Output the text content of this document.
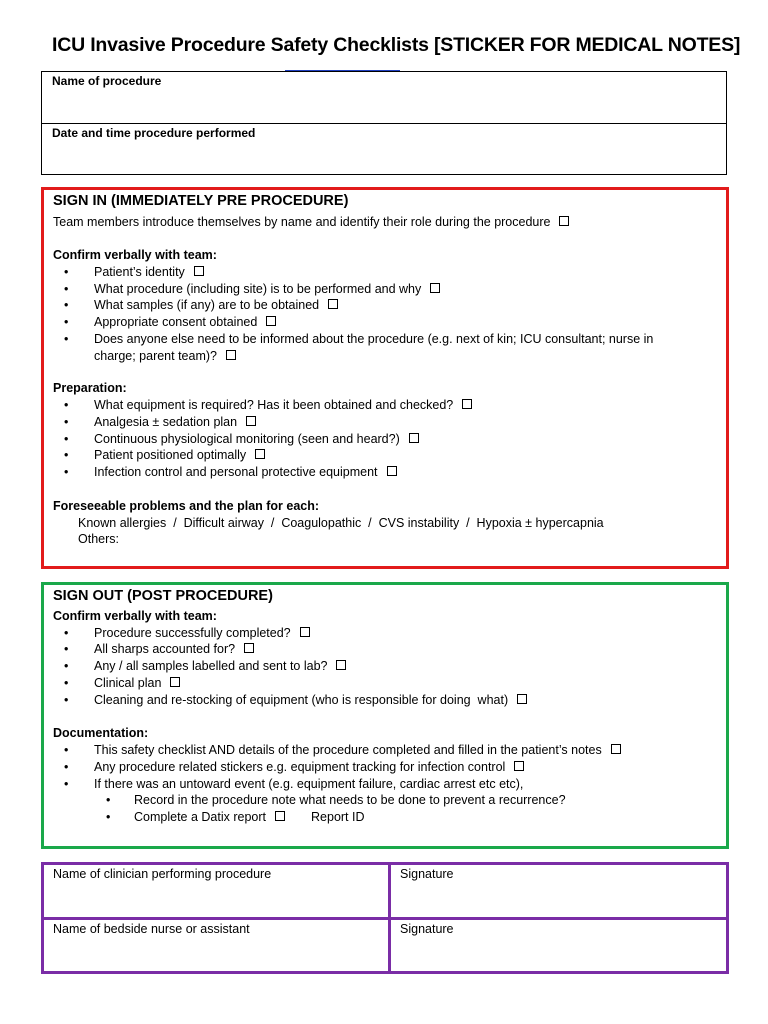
ICU Invasive Procedure Safety Checklists [STICKER FOR MEDICAL NOTES]
Name of procedure
Date and time procedure performed
SIGN IN (IMMEDIATELY PRE PROCEDURE)
Team members introduce themselves by name and identify their role during the procedure
Confirm verbally with team:
• Patient’s identity
• What procedure (including site) is to be performed and why
• What samples (if any) are to be obtained
• Appropriate consent obtained
• Does anyone else need to be informed about the procedure (e.g. next of kin; ICU consultant; nurse in
charge; parent team)?
Preparation:
• What equipment is required? Has it been obtained and checked?
• Analgesia ± sedation plan
• Continuous physiological monitoring (seen and heard?)
• Patient positioned optimally
• Infection control and personal protective equipment
Foreseeable problems and the plan for each:
Known allergies  /  Difficult airway  /  Coagulopathic  /  CVS instability  /  Hypoxia ± hypercapnia
Others:
SIGN OUT (POST PROCEDURE)
Confirm verbally with team:
• Procedure successfully completed?
• All sharps accounted for?
• Any / all samples labelled and sent to lab?
• Clinical plan
• Cleaning and re-stocking of equipment (who is responsible for doing  what)
Documentation:
• This safety checklist AND details of the procedure completed and filled in the patient’s notes
• Any procedure related stickers e.g. equipment tracking for infection control
• If there was an untoward event (e.g. equipment failure, cardiac arrest etc etc),
• Record in the procedure note what needs to be done to prevent a recurrence?
• Complete a Datix report	Report ID
Name of clinician performing procedure	Signature
Name of bedside nurse or assistant	Signature
